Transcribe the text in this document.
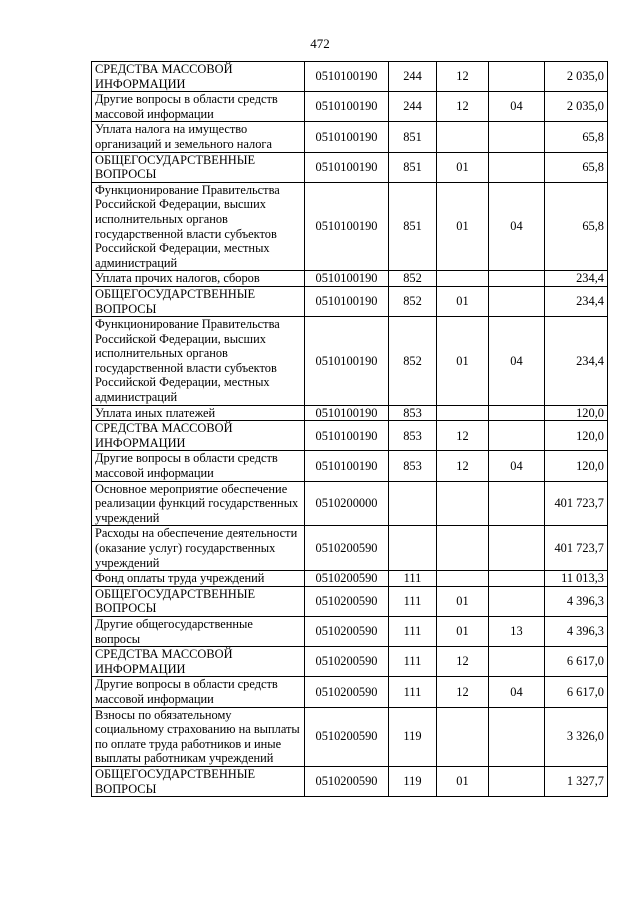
472
СРЕДСТВА МАССОВОЙ ИНФОРМАЦИИ	0510100190	244	12		2 035,0
Другие вопросы в области средств массовой информации	0510100190	244	12	04	2 035,0
Уплата налога на имущество организаций и земельного налога	0510100190	851			65,8
ОБЩЕГОСУДАРСТВЕННЫЕ ВОПРОСЫ	0510100190	851	01		65,8
Функционирование Правительства Российской Федерации, высших исполнительных органов государственной власти субъектов Российской Федерации, местных администраций	0510100190	851	01	04	65,8
Уплата прочих налогов, сборов	0510100190	852			234,4
ОБЩЕГОСУДАРСТВЕННЫЕ ВОПРОСЫ	0510100190	852	01		234,4
Функционирование Правительства Российской Федерации, высших исполнительных органов государственной власти субъектов Российской Федерации, местных администраций	0510100190	852	01	04	234,4
Уплата иных платежей	0510100190	853			120,0
СРЕДСТВА МАССОВОЙ ИНФОРМАЦИИ	0510100190	853	12		120,0
Другие вопросы в области средств массовой информации	0510100190	853	12	04	120,0
Основное мероприятие обеспечение реализации функций государственных учреждений	0510200000				401 723,7
Расходы на обеспечение деятельности (оказание услуг) государственных учреждений	0510200590				401 723,7
Фонд оплаты труда учреждений	0510200590	111			11 013,3
ОБЩЕГОСУДАРСТВЕННЫЕ ВОПРОСЫ	0510200590	111	01		4 396,3
Другие общегосударственные вопросы	0510200590	111	01	13	4 396,3
СРЕДСТВА МАССОВОЙ ИНФОРМАЦИИ	0510200590	111	12		6 617,0
Другие вопросы в области средств массовой информации	0510200590	111	12	04	6 617,0
Взносы по обязательному социальному страхованию на выплаты по оплате труда работников и иные выплаты работникам учреждений	0510200590	119			3 326,0
ОБЩЕГОСУДАРСТВЕННЫЕ ВОПРОСЫ	0510200590	119	01		1 327,7
